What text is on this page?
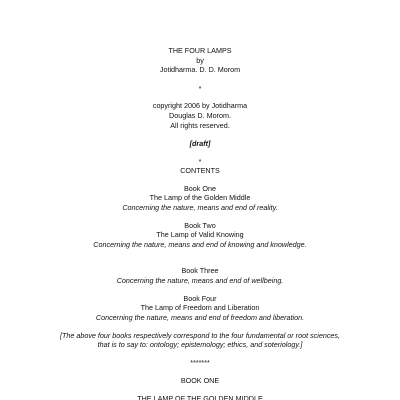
THE FOUR LAMPS

by

Jotidharma. D. D. Morom

*

copyright 2006 by Jotidharma

Douglas D. Morom.

All rights reserved.

[draft]

*

CONTENTS

Book One

The Lamp of the Golden Middle

Concerning the nature, means and end of reality.

Book Two

The Lamp of Valid Knowing

Concerning the nature, means and end of knowing and knowledge.

Book Three

Concerning the nature, means and end of wellbeing.

Book Four

The Lamp of Freedom and Liberation

Concerning the nature, means and end of freedom and liberation.

[The above four books respectively correspond to the four fundamental or root sciences,

that is to say to: ontology; epistemology; ethics, and soteriology.]

*******

BOOK ONE

THE LAMP OF THE GOLDEN MIDDLE
